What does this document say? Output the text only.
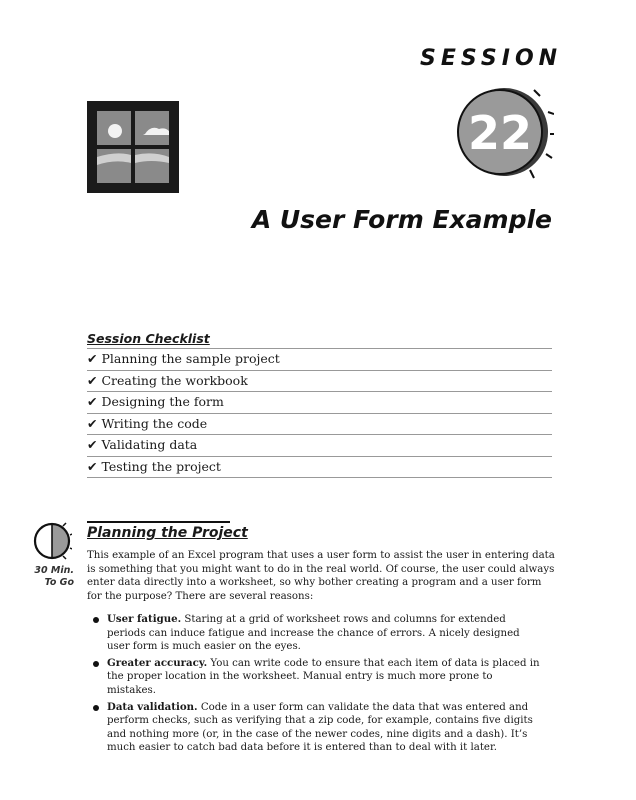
SESSION
22
A User Form Example
Session Checklist
✔ Planning the sample project
✔ Creating the workbook
✔ Designing the form
✔ Writing the code
✔ Validating data
✔ Testing the project
30 Min.
To Go
Planning the Project

This example of an Excel program that uses a user form to assist the user in entering data is something that you might want to do in the real world. Of course, the user could always enter data directly into a worksheet, so why bother creating a program and a user form for the purpose? There are several reasons:

User fatigue. Staring at a grid of worksheet rows and columns for extended periods can induce fatigue and increase the chance of errors. A nicely designed user form is much easier on the eyes.
Greater accuracy. You can write code to ensure that each item of data is placed in the proper location in the worksheet. Manual entry is much more prone to mistakes.
Data validation. Code in a user form can validate the data that was entered and perform checks, such as verifying that a zip code, for example, contains five digits and nothing more (or, in the case of the newer codes, nine digits and a dash). It’s much easier to catch bad data before it is entered than to deal with it later.
